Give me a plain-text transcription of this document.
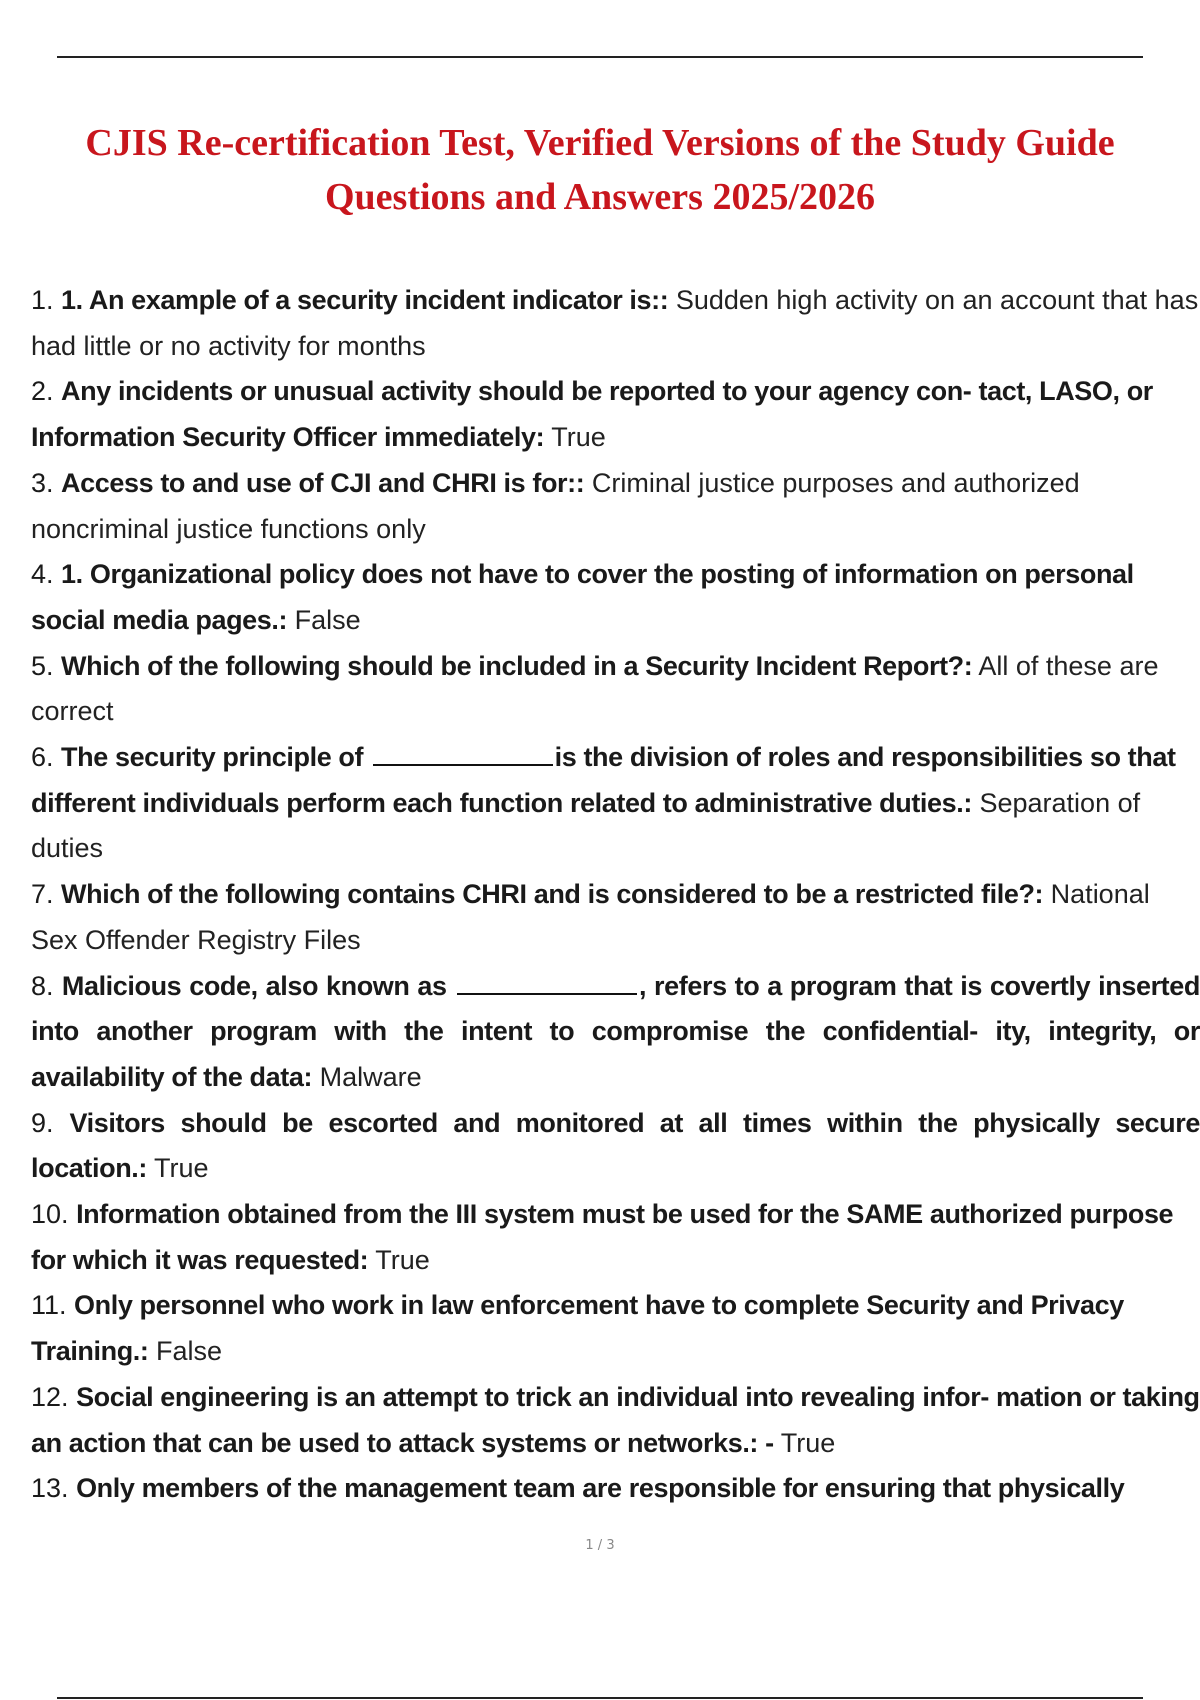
CJIS Re-certification Test, Verified Versions of the Study Guide
Questions and Answers 2025/2026
1. 1. An example of a security incident indicator is:: Sudden high activity on an account that has had little or no activity for months
2. Any incidents or unusual activity should be reported to your agency con- tact, LASO, or Information Security Officer immediately: True
3. Access to and use of CJI and CHRI is for:: Criminal justice purposes and authorized noncriminal justice functions only
4. 1. Organizational policy does not have to cover the posting of information on personal social media pages.: False
5. Which of the following should be included in a Security Incident Report?: All of these are correct
6. The security principle of	is the division of roles and responsibilities so that different individuals perform each function related to administrative duties.: Separation of duties
7. Which of the following contains CHRI and is considered to be a restricted file?: National Sex Offender Registry Files
8. Malicious code, also known as	, refers to a program that is covertly inserted into another program with the intent to compromise the confidential- ity, integrity, or availability of the data: Malware
9. Visitors should be escorted and monitored at all times within the physically secure location.: True
10. Information obtained from the III system must be used for the SAME authorized purpose for which it was requested: True
11. Only personnel who work in law enforcement have to complete Security and Privacy Training.: False
12. Social engineering is an attempt to trick an individual into revealing infor- mation or taking an action that can be used to attack systems or networks.: - True
13. Only members of the management team are responsible for ensuring that physically
1 / 3
